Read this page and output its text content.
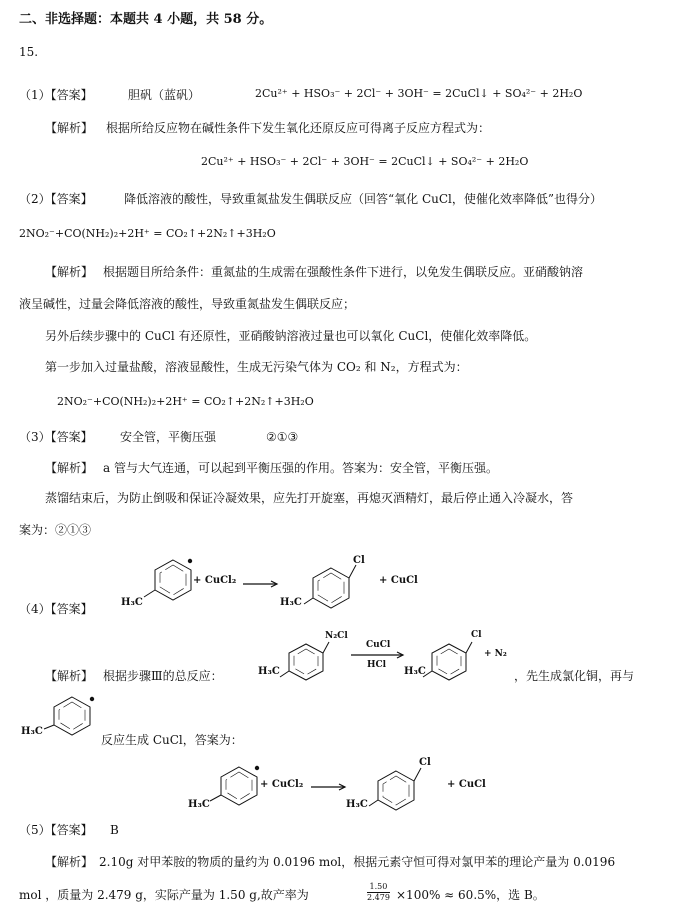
二、非选择题：本题共 4 小题，共 58 分。
15.
（1）【答案】	胆矾（蓝矾）	2Cu²⁺ + HSO₃⁻ + 2Cl⁻ + 3OH⁻ = 2CuCl↓ + SO₄²⁻ + 2H₂O
【解析】 根据所给反应物在碱性条件下发生氧化还原反应可得离子反应方程式为：
2Cu²⁺ + HSO₃⁻ + 2Cl⁻ + 3OH⁻ = 2CuCl↓ + SO₄²⁻ + 2H₂O
（2）【答案】	降低溶液的酸性，导致重氮盐发生偶联反应（回答“氧化 CuCl，使催化效率降低”也得分）
2NO₂⁻+CO(NH₂)₂+2H⁺ = CO₂↑+2N₂↑+3H₂O
【解析】 根据题目所给条件：重氮盐的生成需在强酸性条件下进行，以免发生偶联反应。亚硝酸钠溶
液呈碱性，过量会降低溶液的酸性，导致重氮盐发生偶联反应；
另外后续步骤中的 CuCl 有还原性，亚硝酸钠溶液过量也可以氧化 CuCl，使催化效率降低。
第一步加入过量盐酸，溶液显酸性，生成无污染气体为 CO₂ 和 N₂，方程式为：
2NO₂⁻+CO(NH₂)₂+2H⁺ = CO₂↑+2N₂↑+3H₂O
（3）【答案】 安全管，平衡压强	②①③
【解析】 a 管与大气连通，可以起到平衡压强的作用。答案为：安全管，平衡压强。
蒸馏结束后，为防止倒吸和保证冷凝效果，应先打开旋塞，再熄灭酒精灯，最后停止通入冷凝水，答
案为：②①③
（4）【答案】	H₃C
+ CuCl₂ →
Cl
H₃C
+ CuCl
【解析】 根据步骤Ⅲ的总反应：
N₂Cl
H₃C
CuCl
HCl
Cl
H₃C
+ N₂
，先生成氯化铜，再与
H₃C
反应生成 CuCl，答案为：
H₃C
+ CuCl₂ →
Cl
H₃C
+ CuCl
（5）【答案】 B
【解析】 2.10g 对甲苯胺的物质的量约为 0.0196 mol，根据元素守恒可得对氯甲苯的理论产量为 0.0196
mol ，质量为 2.479 g，实际产量为 1.50 g,故产率为	$\frac{1.50}{2.479} \times 100\% \approx 60.5\%$，选 B。
